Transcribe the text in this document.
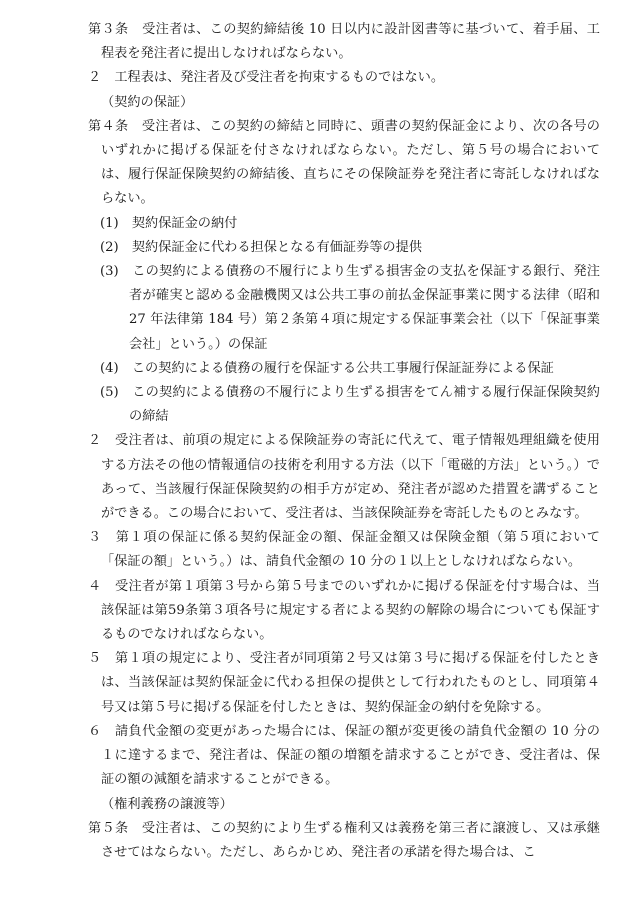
第３条　受注者は、この契約締結後 10 日以内に設計図書等に基づいて、着手届、工程表を発注者に提出しなければならない。

２　工程表は、発注者及び受注者を拘束するものではない。

（契約の保証）

第４条　受注者は、この契約の締結と同時に、頭書の契約保証金により、次の各号のいずれかに掲げる保証を付さなければならない。ただし、第５号の場合においては、履行保証保険契約の締結後、直ちにその保険証券を発注者に寄託しなければならない。

(1)　契約保証金の納付

(2)　契約保証金に代わる担保となる有価証券等の提供

(3)　この契約による債務の不履行により生ずる損害金の支払を保証する銀行、発注者が確実と認める金融機関又は公共工事の前払金保証事業に関する法律（昭和 27 年法律第 184 号）第２条第４項に規定する保証事業会社（以下「保証事業会社」という。）の保証

(4)　この契約による債務の履行を保証する公共工事履行保証証券による保証

(5)　この契約による債務の不履行により生ずる損害をてん補する履行保証保険契約の締結

２　受注者は、前項の規定による保険証券の寄託に代えて、電子情報処理組織を使用する方法その他の情報通信の技術を利用する方法（以下「電磁的方法」という。）であって、当該履行保証保険契約の相手方が定め、発注者が認めた措置を講ずることができる。この場合において、受注者は、当該保険証券を寄託したものとみなす。

３　第１項の保証に係る契約保証金の額、保証金額又は保険金額（第５項において「保証の額」という。）は、請負代金額の 10 分の１以上としなければならない。

４　受注者が第１項第３号から第５号までのいずれかに掲げる保証を付す場合は、当該保証は第59条第３項各号に規定する者による契約の解除の場合についても保証するものでなければならない。

５　第１項の規定により、受注者が同項第２号又は第３号に掲げる保証を付したときは、当該保証は契約保証金に代わる担保の提供として行われたものとし、同項第４号又は第５号に掲げる保証を付したときは、契約保証金の納付を免除する。

６　請負代金額の変更があった場合には、保証の額が変更後の請負代金額の 10 分の１に達するまで、発注者は、保証の額の増額を請求することができ、受注者は、保証の額の減額を請求することができる。

（権利義務の譲渡等）

第５条　受注者は、この契約により生ずる権利又は義務を第三者に譲渡し、又は承継させてはならない。ただし、あらかじめ、発注者の承諾を得た場合は、こ
